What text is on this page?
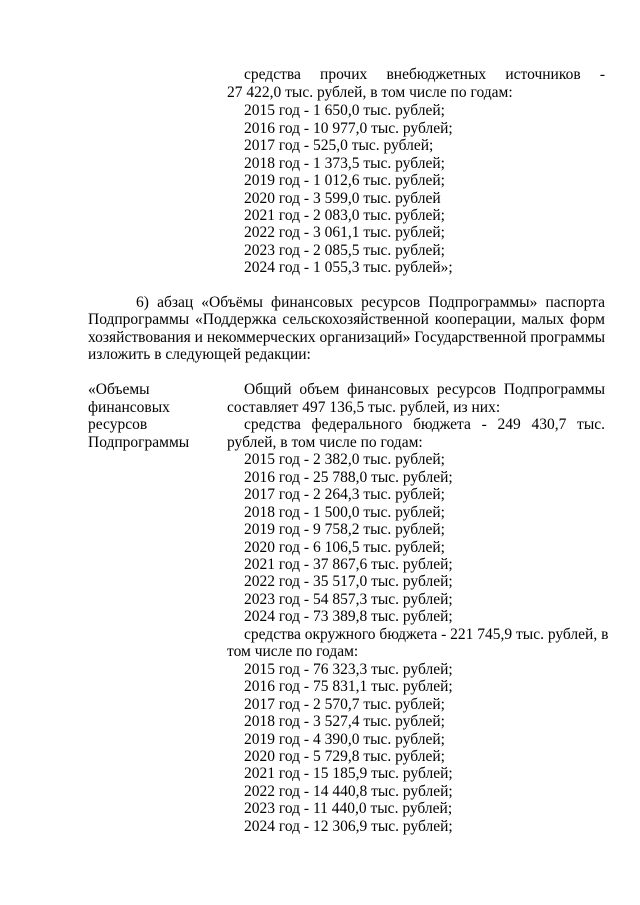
средства прочих внебюджетных источников -
27 422,0 тыс. рублей, в том числе по годам:
2015 год - 1 650,0 тыс. рублей;
2016 год - 10 977,0 тыс. рублей;
2017 год - 525,0 тыс. рублей;
2018 год - 1 373,5 тыс. рублей;
2019 год - 1 012,6 тыс. рублей;
2020 год - 3 599,0 тыс. рублей
2021 год - 2 083,0 тыс. рублей;
2022 год - 3 061,1 тыс. рублей;
2023 год - 2 085,5 тыс. рублей;
2024 год - 1 055,3 тыс. рублей»;
6) абзац «Объёмы финансовых ресурсов Подпрограммы» паспорта
Подпрограммы «Поддержка сельскохозяйственной кооперации, малых форм
хозяйствования и некоммерческих организаций» Государственной программы
изложить в следующей редакции:
«Объемы
финансовых
ресурсов
Подпрограммы
Общий объем финансовых ресурсов Подпрограммы
составляет 497 136,5 тыс. рублей, из них:
средства федерального бюджета - 249 430,7 тыс.
рублей, в том числе по годам:
2015 год - 2 382,0 тыс. рублей;
2016 год - 25 788,0 тыс. рублей;
2017 год - 2 264,3 тыс. рублей;
2018 год - 1 500,0 тыс. рублей;
2019 год - 9 758,2 тыс. рублей;
2020 год - 6 106,5 тыс. рублей;
2021 год - 37 867,6 тыс. рублей;
2022 год - 35 517,0 тыс. рублей;
2023 год - 54 857,3 тыс. рублей;
2024 год - 73 389,8 тыс. рублей;
средства окружного бюджета - 221 745,9 тыс. рублей, в
том числе по годам:
2015 год - 76 323,3 тыс. рублей;
2016 год - 75 831,1 тыс. рублей;
2017 год - 2 570,7 тыс. рублей;
2018 год - 3 527,4 тыс. рублей;
2019 год - 4 390,0 тыс. рублей;
2020 год - 5 729,8 тыс. рублей;
2021 год - 15 185,9 тыс. рублей;
2022 год - 14 440,8 тыс. рублей;
2023 год - 11 440,0 тыс. рублей;
2024 год - 12 306,9 тыс. рублей;
